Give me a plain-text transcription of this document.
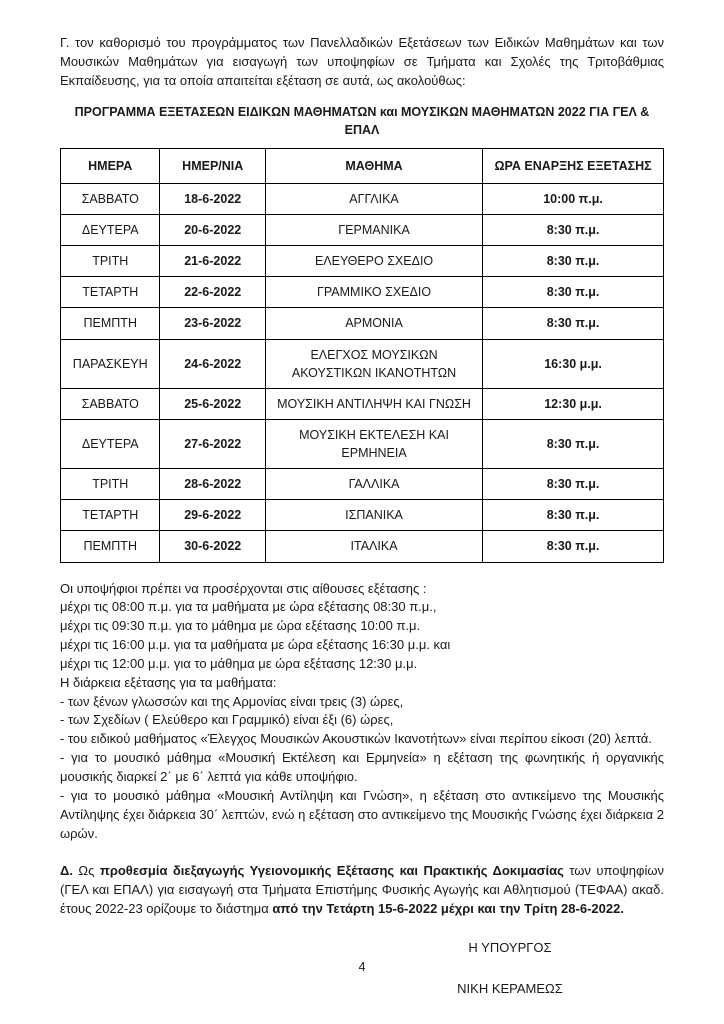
Γ. τον καθορισμό του προγράμματος των Πανελλαδικών Εξετάσεων των Ειδικών Μαθημάτων και των Μουσικών Μαθημάτων για εισαγωγή των υποψηφίων σε Τμήματα και Σχολές της Τριτοβάθμιας Εκπαίδευσης, για τα οποία απαιτείται εξέταση σε αυτά, ως ακολούθως:

ΠΡΟΓΡΑΜΜΑ ΕΞΕΤΑΣΕΩΝ ΕΙΔΙΚΩΝ ΜΑΘΗΜΑΤΩΝ και ΜΟΥΣΙΚΩΝ ΜΑΘΗΜΑΤΩΝ 2022 ΓΙΑ ΓΕΛ & ΕΠΑΛ

ΗΜΕΡΑ	ΗΜΕΡ/ΝΙΑ	ΜΑΘΗΜΑ	ΩΡΑ ΕΝΑΡΞΗΣ ΕΞΕΤΑΣΗΣ
ΣΑΒΒΑΤΟ	18-6-2022	ΑΓΓΛΙΚΑ	10:00 π.μ.
ΔΕΥΤΕΡΑ	20-6-2022	ΓΕΡΜΑΝΙΚΑ	8:30 π.μ.
ΤΡΙΤΗ	21-6-2022	ΕΛΕΥΘΕΡΟ ΣΧΕΔΙΟ	8:30 π.μ.
ΤΕΤΑΡΤΗ	22-6-2022	ΓΡΑΜΜΙΚΟ ΣΧΕΔΙΟ	8:30 π.μ.
ΠΕΜΠΤΗ	23-6-2022	ΑΡΜΟΝΙΑ	8:30 π.μ.
ΠΑΡΑΣΚΕΥΗ	24-6-2022	ΕΛΕΓΧΟΣ ΜΟΥΣΙΚΩΝ ΑΚΟΥΣΤΙΚΩΝ ΙΚΑΝΟΤΗΤΩΝ	16:30 μ.μ.
ΣΑΒΒΑΤΟ	25-6-2022	ΜΟΥΣΙΚΗ ΑΝΤΙΛΗΨΗ ΚΑΙ ΓΝΩΣΗ	12:30 μ.μ.
ΔΕΥΤΕΡΑ	27-6-2022	ΜΟΥΣΙΚΗ ΕΚΤΕΛΕΣΗ ΚΑΙ ΕΡΜΗΝΕΙΑ	8:30 π.μ.
ΤΡΙΤΗ	28-6-2022	ΓΑΛΛΙΚΑ	8:30 π.μ.
ΤΕΤΑΡΤΗ	29-6-2022	ΙΣΠΑΝΙΚΑ	8:30 π.μ.
ΠΕΜΠΤΗ	30-6-2022	ΙΤΑΛΙΚΑ	8:30 π.μ.
Οι υποψήφιοι πρέπει να προσέρχονται στις αίθουσες εξέτασης :
μέχρι τις 08:00 π.μ. για τα μαθήματα με ώρα εξέτασης 08:30 π.μ.,
μέχρι τις 09:30 π.μ. για το μάθημα με ώρα εξέτασης 10:00 π.μ.
μέχρι τις 16:00 μ.μ. για τα μαθήματα με ώρα εξέτασης 16:30 μ.μ. και
μέχρι τις 12:00 μ.μ. για το μάθημα με ώρα εξέτασης 12:30 μ.μ.
Η διάρκεια εξέτασης για τα μαθήματα:
- των ξένων γλωσσών και της Αρμονίας είναι τρεις (3) ώρες,
- των Σχεδίων ( Ελεύθερο και Γραμμικό) είναι έξι (6) ώρες,
- του ειδικού μαθήματος «Έλεγχος Μουσικών Ακουστικών Ικανοτήτων» είναι περίπου είκοσι (20) λεπτά.
- για το μουσικό μάθημα «Μουσική Εκτέλεση και Ερμηνεία» η εξέταση της φωνητικής ή οργανικής μουσικής διαρκεί 2΄ με 6΄ λεπτά για κάθε υποψήφιο.
- για το μουσικό μάθημα «Μουσική Αντίληψη και Γνώση», η εξέταση στο αντικείμενο της Μουσικής Αντίληψης έχει διάρκεια 30΄ λεπτών, ενώ η εξέταση στο αντικείμενο της Μουσικής Γνώσης έχει διάρκεια 2 ωρών.

Δ. Ως προθεσμία διεξαγωγής Υγειονομικής Εξέτασης και Πρακτικής Δοκιμασίας των υποψηφίων (ΓΕΛ και ΕΠΑΛ) για εισαγωγή στα Τμήματα Επιστήμης Φυσικής Αγωγής και Αθλητισμού (ΤΕΦΑΑ) ακαδ. έτους 2022-23 ορίζουμε το διάστημα από την Τετάρτη 15-6-2022 μέχρι και την Τρίτη 28-6-2022.

Η ΥΠΟΥΡΓΟΣ
ΝΙΚΗ ΚΕΡΑΜΕΩΣ
4
